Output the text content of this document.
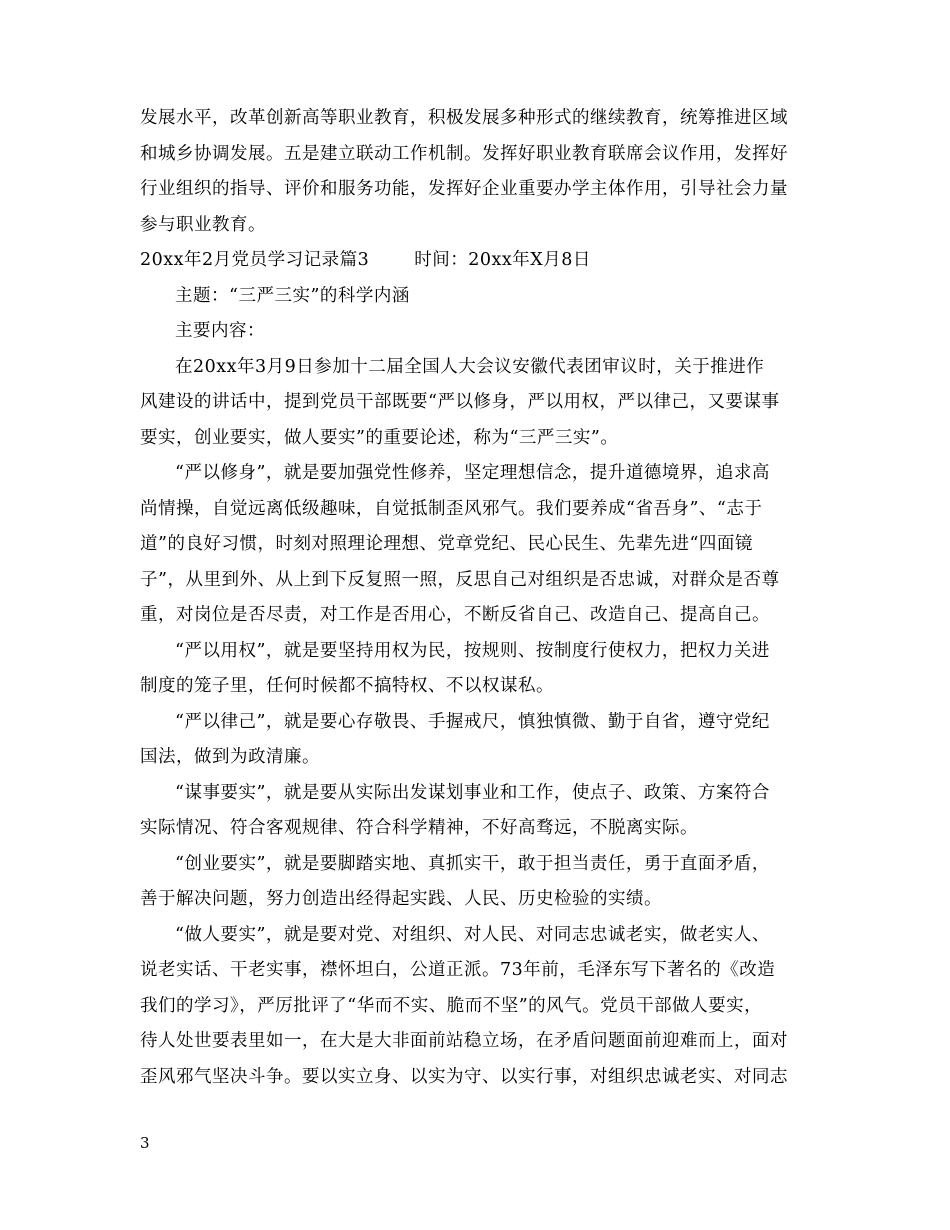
发展水平，改革创新高等职业教育，积极发展多种形式的继续教育，统筹推进区域
和城乡协调发展。五是建立联动工作机制。发挥好职业教育联席会议作用，发挥好
行业组织的指导、评价和服务功能，发挥好企业重要办学主体作用，引导社会力量
参与职业教育。
20xx年2月党员学习记录篇3	时间：20xx年X月8日
主题：“三严三实”的科学内涵
主要内容：
在20xx年3月9日参加十二届全国人大会议安徽代表团审议时，关于推进作
风建设的讲话中，提到党员干部既要“严以修身，严以用权，严以律己，又要谋事
要实，创业要实，做人要实”的重要论述，称为“三严三实”。
“严以修身”，就是要加强党性修养，坚定理想信念，提升道德境界，追求高
尚情操，自觉远离低级趣味，自觉抵制歪风邪气。我们要养成“省吾身”、“志于
道”的良好习惯，时刻对照理论理想、党章党纪、民心民生、先辈先进“四面镜
子”，从里到外、从上到下反复照一照，反思自己对组织是否忠诚，对群众是否尊
重，对岗位是否尽责，对工作是否用心，不断反省自己、改造自己、提高自己。
“严以用权”，就是要坚持用权为民，按规则、按制度行使权力，把权力关进
制度的笼子里，任何时候都不搞特权、不以权谋私。
“严以律己”，就是要心存敬畏、手握戒尺，慎独慎微、勤于自省，遵守党纪
国法，做到为政清廉。
“谋事要实”，就是要从实际出发谋划事业和工作，使点子、政策、方案符合
实际情况、符合客观规律、符合科学精神，不好高骛远，不脱离实际。
“创业要实”，就是要脚踏实地、真抓实干，敢于担当责任，勇于直面矛盾，
善于解决问题，努力创造出经得起实践、人民、历史检验的实绩。
“做人要实”，就是要对党、对组织、对人民、对同志忠诚老实，做老实人、
说老实话、干老实事，襟怀坦白，公道正派。73年前，毛泽东写下著名的《改造
我们的学习》，严厉批评了“华而不实、脆而不坚”的风气。党员干部做人要实，
待人处世要表里如一，在大是大非面前站稳立场，在矛盾问题面前迎难而上，面对
歪风邪气坚决斗争。要以实立身、以实为守、以实行事，对组织忠诚老实、对同志
3
